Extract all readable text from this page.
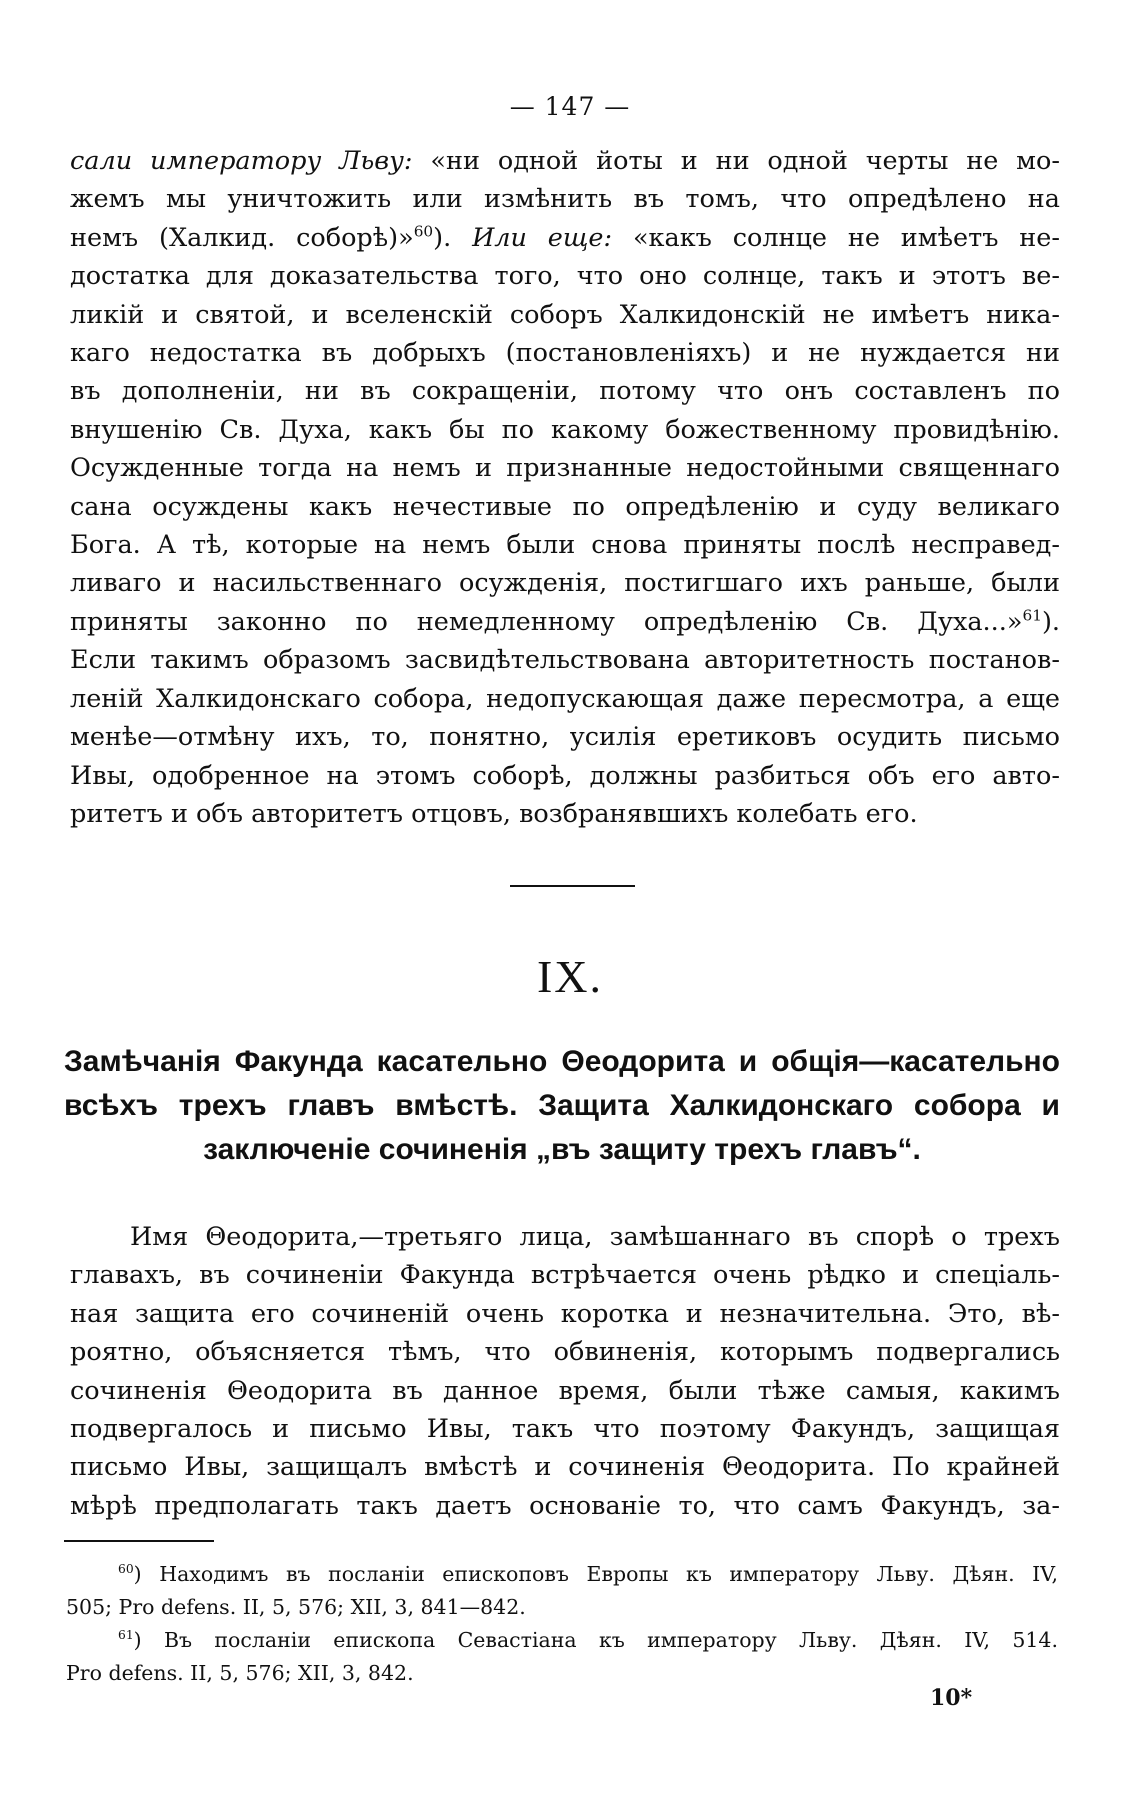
— 147 —
сали императору Льву: «ни одной йоты и ни одной черты не мо-
жемъ мы уничтожить или измѣнить въ томъ, что опредѣлено на
немъ (Халкид. соборѣ)»$^{60}$). Или еще: «какъ солнце не имѣетъ не-
достатка для доказательства того, что оно солнце, такъ и этотъ ве-
ликій и святой, и вселенскій соборъ Халкидонскій не имѣетъ ника-
каго недостатка въ добрыхъ (постановленіяхъ) и не нуждается ни
въ дополненіи, ни въ сокращеніи, потому что онъ составленъ по
внушенію Св. Духа, какъ бы по какому божественному провидѣнію.
Осужденные тогда на немъ и признанные недостойными священнаго
сана осуждены какъ нечестивые по опредѣленію и суду великаго
Бога. А тѣ, которые на немъ были снова приняты послѣ несправед-
ливаго и насильственнаго осужденія, постигшаго ихъ раньше, были
приняты законно по немедленному опредѣленію Св. Духа...»$^{61}$).
Если такимъ образомъ засвидѣтельствована авторитетность постанов-
леній Халкидонскаго собора, недопускающая даже пересмотра, а еще
менѣе—отмѣну ихъ, то, понятно, усилія еретиковъ осудить письмо
Ивы, одобренное на этомъ соборѣ, должны разбиться объ его авто-
ритетъ и объ авторитетъ отцовъ, возбранявшихъ колебать его.
IX.
Замѣчанія Факунда касательно Θеодорита и общія—касательно
всѣхъ трехъ главъ вмѣстѣ. Защита Халкидонскаго собора и
заключеніе сочиненія „въ защиту трехъ главъ“.
Имя Θеодорита,—третьяго лица, замѣшаннаго въ спорѣ о трехъ
главахъ, въ сочиненіи Факунда встрѣчается очень рѣдко и спеціаль-
ная защита его сочиненій очень коротка и незначительна. Это, вѣ-
роятно, объясняется тѣмъ, что обвиненія, которымъ подвергались
сочиненія Θеодорита въ данное время, были тѣже самыя, какимъ
подвергалось и письмо Ивы, такъ что поэтому Факундъ, защищая
письмо Ивы, защищалъ вмѣстѣ и сочиненія Θеодорита. По крайней
мѣрѣ предполагать такъ даетъ основаніе то, что самъ Факундъ, за-
$^{60}$) Находимъ въ посланіи епископовъ Европы къ императору Льву. Дѣян. IV,
505; Pro defens. II, 5, 576; XII, 3, 841—842.
$^{61}$) Въ посланіи епископа Севастіана къ императору Льву. Дѣян. IV, 514.
Pro defens. II, 5, 576; XII, 3, 842.
10*
